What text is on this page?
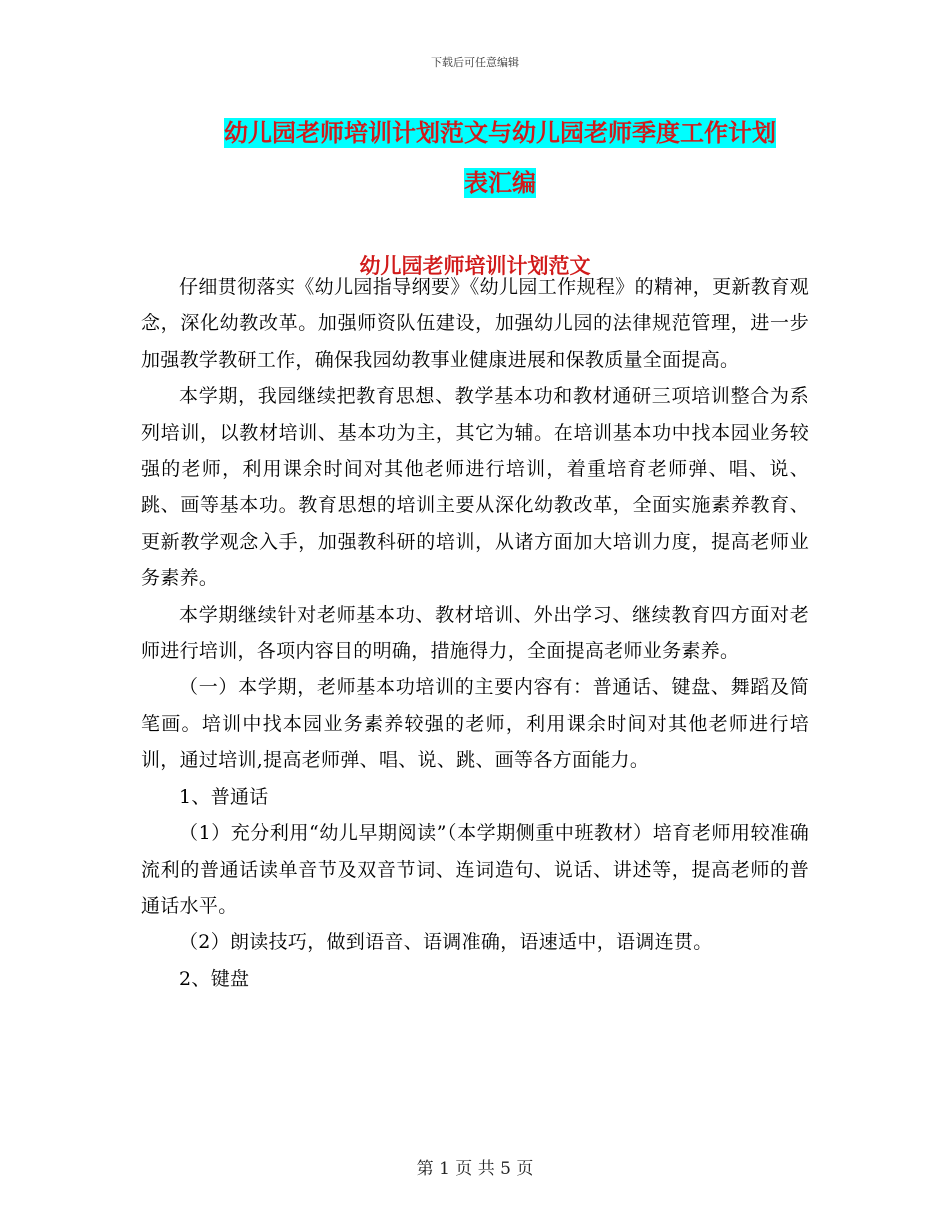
下载后可任意编辑
幼儿园老师培训计划范文与幼儿园老师季度工作计划
表汇编
幼儿园老师培训计划范文

仔细贯彻落实《幼儿园指导纲要》《幼儿园工作规程》的精神，更新教育观念，深化幼教改革。加强师资队伍建设，加强幼儿园的法律规范管理，进一步加强教学教研工作，确保我园幼教事业健康进展和保教质量全面提高。

本学期，我园继续把教育思想、教学基本功和教材通研三项培训整合为系列培训，以教材培训、基本功为主，其它为辅。在培训基本功中找本园业务较强的老师，利用课余时间对其他老师进行培训，着重培育老师弹、唱、说、跳、画等基本功。教育思想的培训主要从深化幼教改革，全面实施素养教育、更新教学观念入手，加强教科研的培训，从诸方面加大培训力度，提高老师业务素养。

本学期继续针对老师基本功、教材培训、外出学习、继续教育四方面对老师进行培训，各项内容目的明确，措施得力，全面提高老师业务素养。

（一）本学期，老师基本功培训的主要内容有：普通话、键盘、舞蹈及简笔画。培训中找本园业务素养较强的老师，利用课余时间对其他老师进行培训，通过培训,提高老师弹、唱、说、跳、画等各方面能力。

1、普通话

（1）充分利用“幼儿早期阅读”（本学期侧重中班教材）培育老师用较准确流利的普通话读单音节及双音节词、连词造句、说话、讲述等，提高老师的普通话水平。

（2）朗读技巧，做到语音、语调准确，语速适中，语调连贯。

2、键盘

第 1 页 共 5 页
